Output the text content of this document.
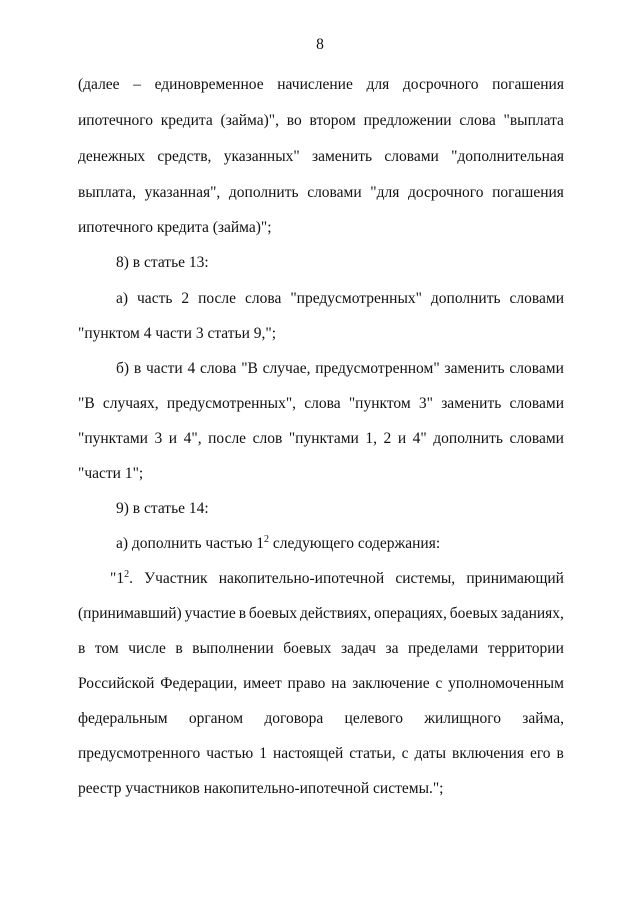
8
(далее – единовременное начисление для досрочного погашения
ипотечного кредита (займа)", во втором предложении слова "выплата
денежных средств, указанных" заменить словами "дополнительная
выплата, указанная", дополнить словами "для досрочного погашения
ипотечного кредита (займа)";
8) в статье 13:
а) часть 2 после слова "предусмотренных" дополнить словами
"пунктом 4 части 3 статьи 9,";
б) в части 4 слова "В случае, предусмотренном" заменить словами
"В случаях, предусмотренных", слова "пунктом 3" заменить словами
"пунктами 3 и 4", после слов "пунктами 1, 2 и 4" дополнить словами
"части 1";
9) в статье 14:
а) дополнить частью $1^2$ следующего содержания:
"$1^2$. Участник накопительно-ипотечной системы, принимающий
(принимавший) участие в боевых действиях, операциях, боевых заданиях,
в том числе в выполнении боевых задач за пределами территории
Российской Федерации, имеет право на заключение с уполномоченным
федеральным органом договора целевого жилищного займа,
предусмотренного частью 1 настоящей статьи, с даты включения его в
реестр участников накопительно-ипотечной системы.";
